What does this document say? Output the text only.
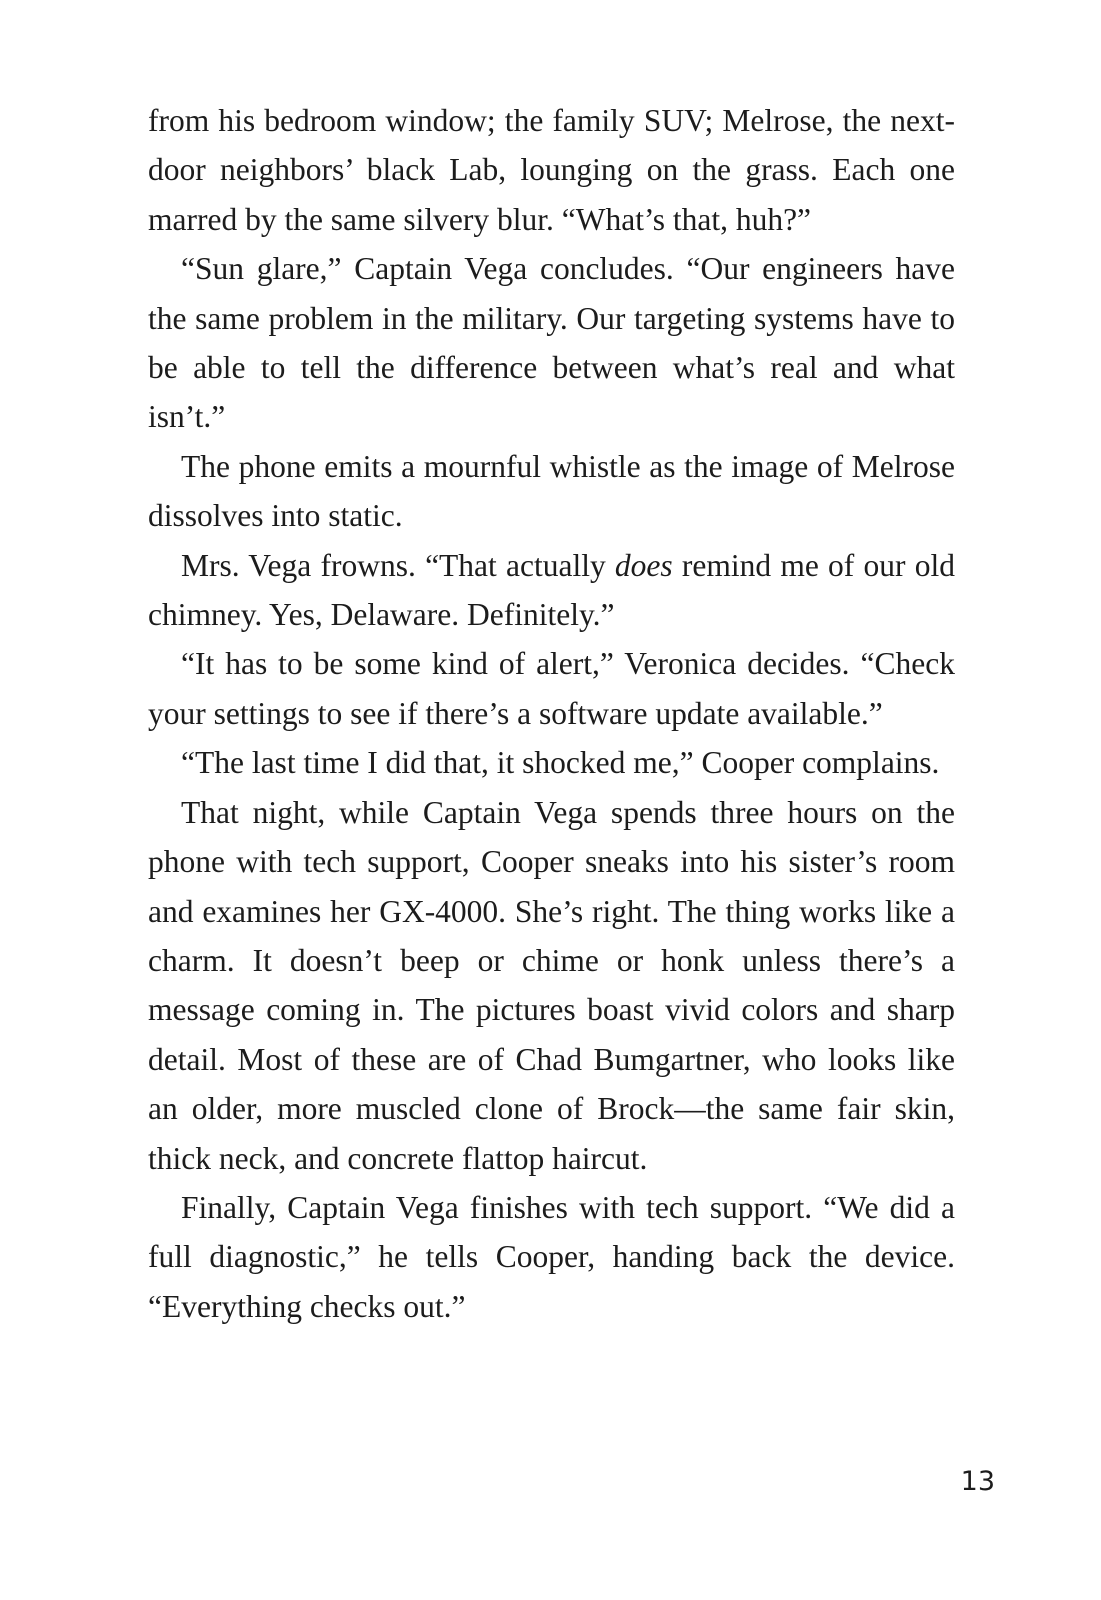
from his bedroom window; the family SUV; Melrose, the next-door neighbors’ black Lab, lounging on the grass. Each one marred by the same silvery blur. “What’s that, huh?”

“Sun glare,” Captain Vega concludes. “Our engineers have the same problem in the military. Our targeting systems have to be able to tell the difference between what’s real and what isn’t.”

The phone emits a mournful whistle as the image of Melrose dissolves into static.

Mrs. Vega frowns. “That actually does remind me of our old chimney. Yes, Delaware. Definitely.”

“It has to be some kind of alert,” Veronica decides. “Check your settings to see if there’s a software update available.”

“The last time I did that, it shocked me,” Cooper complains.

That night, while Captain Vega spends three hours on the phone with tech support, Cooper sneaks into his sister’s room and examines her GX-4000. She’s right. The thing works like a charm. It doesn’t beep or chime or honk unless there’s a message coming in. The pictures boast vivid colors and sharp detail. Most of these are of Chad Bumgartner, who looks like an older, more muscled clone of Brock—the same fair skin, thick neck, and concrete flattop haircut.

Finally, Captain Vega finishes with tech support. “We did a full diagnostic,” he tells Cooper, handing back the device. “Everything checks out.”

13
